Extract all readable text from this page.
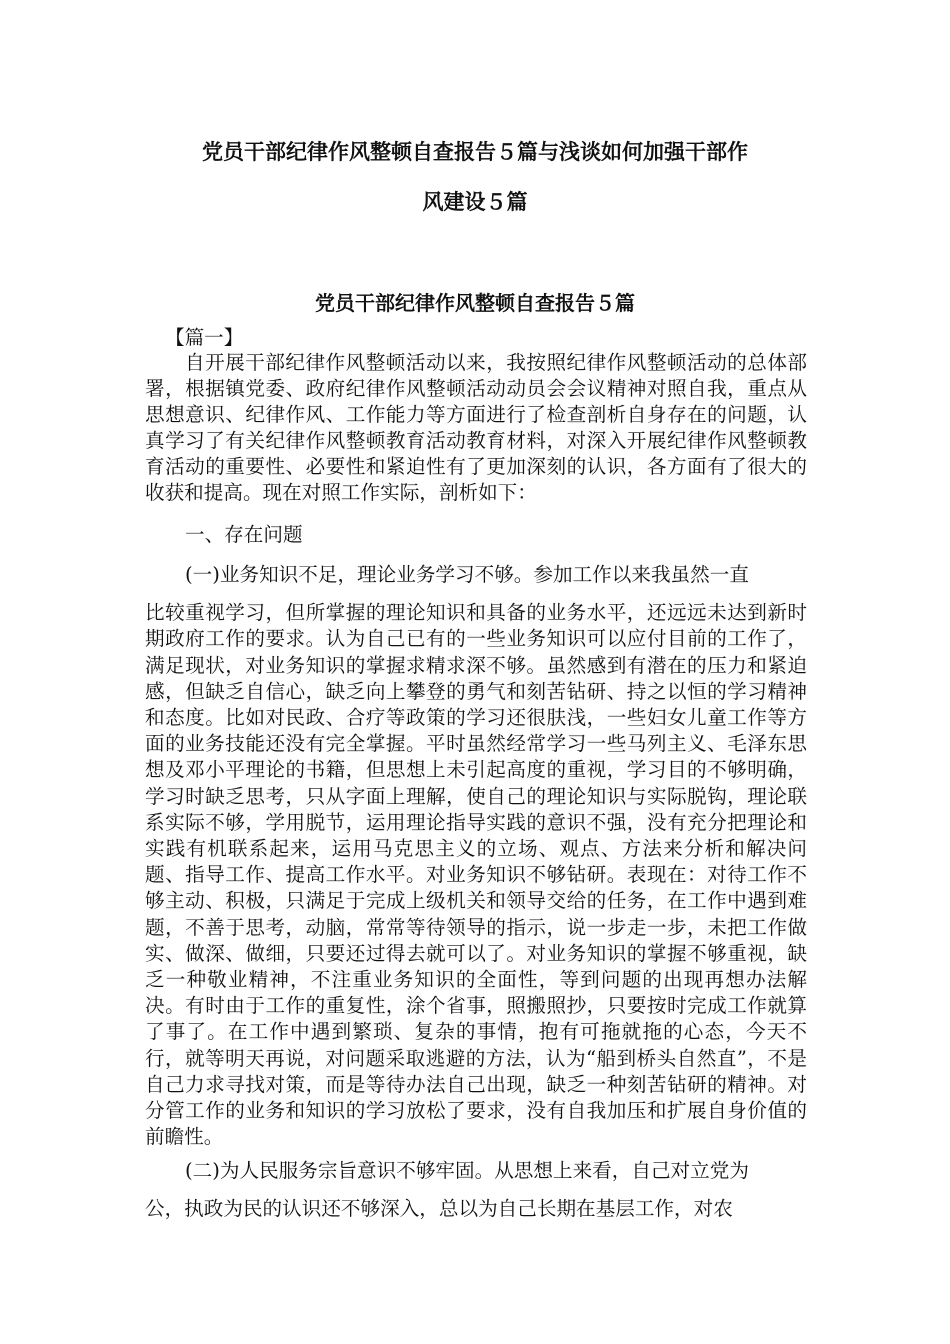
党员干部纪律作风整顿自查报告５篇与浅谈如何加强干部作
风建设５篇
党员干部纪律作风整顿自查报告５篇

【篇一】

自开展干部纪律作风整顿活动以来，我按照纪律作风整顿活动的总体部署，根据镇党委、政府纪律作风整顿活动动员会会议精神对照自我，重点从思想意识、纪律作风、工作能力等方面进行了检查剖析自身存在的问题，认真学习了有关纪律作风整顿教育活动教育材料，对深入开展纪律作风整顿教育活动的重要性、必要性和紧迫性有了更加深刻的认识，各方面有了很大的收获和提高。现在对照工作实际，剖析如下：

一、存在问题

(一)业务知识不足，理论业务学习不够。参加工作以来我虽然一直
比较重视学习，但所掌握的理论知识和具备的业务水平，还远远未达到新时期政府工作的要求。认为自己已有的一些业务知识可以应付目前的工作了，满足现状，对业务知识的掌握求精求深不够。虽然感到有潜在的压力和紧迫感，但缺乏自信心，缺乏向上攀登的勇气和刻苦钻研、持之以恒的学习精神和态度。比如对民政、合疗等政策的学习还很肤浅，一些妇女儿童工作等方面的业务技能还没有完全掌握。平时虽然经常学习一些马列主义、毛泽东思想及邓小平理论的书籍，但思想上未引起高度的重视，学习目的不够明确，学习时缺乏思考，只从字面上理解，使自己的理论知识与实际脱钩，理论联系实际不够，学用脱节，运用理论指导实践的意识不强，没有充分把理论和实践有机联系起来，运用马克思主义的立场、观点、方法来分析和解决问题、指导工作、提高工作水平。对业务知识不够钻研。表现在：对待工作不够主动、积极，只满足于完成上级机关和领导交给的任务，在工作中遇到难题，不善于思考，动脑，常常等待领导的指示，说一步走一步，未把工作做实、做深、做细，只要还过得去就可以了。对业务知识的掌握不够重视，缺乏一种敬业精神，不注重业务知识的全面性，等到问题的出现再想办法解决。有时由于工作的重复性，涂个省事，照搬照抄，只要按时完成工作就算了事了。在工作中遇到繁琐、复杂的事情，抱有可拖就拖的心态，今天不行，就等明天再说，对问题采取逃避的方法，认为“船到桥头自然直”，不是自己力求寻找对策，而是等待办法自己出现，缺乏一种刻苦钻研的精神。对分管工作的业务和知识的学习放松了要求，没有自我加压和扩展自身价值的前瞻性。
(二)为人民服务宗旨意识不够牢固。从思想上来看，自己对立党为
公，执政为民的认识还不够深入，总以为自己长期在基层工作，对农
